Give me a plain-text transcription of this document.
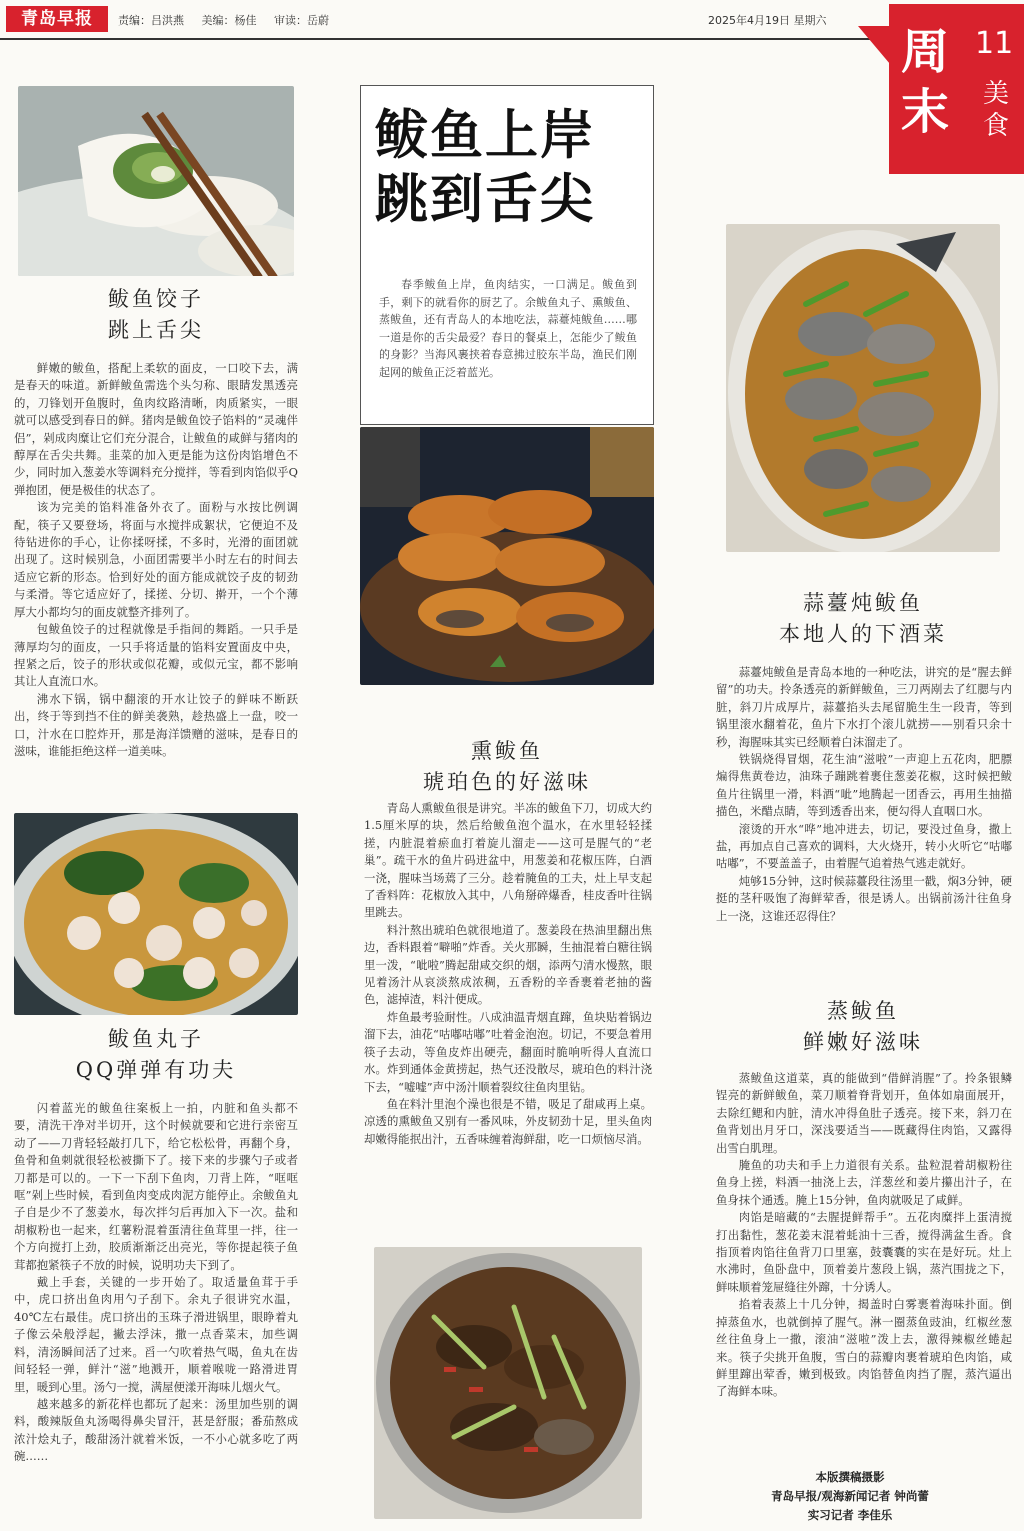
青岛早报	责编：吕洪燕 美编：杨佳 审读：岳蔚	2025年4月19日 星期六
周
末
11
美食
鲅鱼上岸
跳到舌尖

春季鲅鱼上岸，鱼肉结实，一口满足。鲅鱼到手，剩下的就看你的厨艺了。余鲅鱼丸子、熏鲅鱼、蒸鲅鱼，还有青岛人的本地吃法，蒜薹炖鲅鱼……哪一道是你的舌尖最爱？春日的餐桌上，怎能少了鲅鱼的身影？当海风裹挟着春意拂过胶东半岛，渔民们刚起网的鲅鱼正泛着蓝光。

鲅鱼饺子
跳上舌尖

鲜嫩的鲅鱼，搭配上柔软的面皮，一口咬下去，满是春天的味道。新鲜鲅鱼需选个头匀称、眼睛发黑透亮的，刀锋划开鱼腹时，鱼肉纹路清晰，肉质紧实，一眼就可以感受到春日的鲜。猪肉是鲅鱼饺子馅料的“灵魂伴侣”，剁成肉糜让它们充分混合，让鲅鱼的咸鲜与猪肉的醇厚在舌尖共舞。韭菜的加入更是能为这份肉馅增色不少，同时加入葱姜水等调料充分搅拌，等看到肉馅似乎Q弹抱团，便是极佳的状态了。

该为完美的馅料准备外衣了。面粉与水按比例调配，筷子又要登场，将面与水搅拌成絮状，它便迫不及待钻进你的手心，让你揉呀揉，不多时，光滑的面团就出现了。这时候别急，小面团需要半小时左右的时间去适应它新的形态。恰到好处的面方能成就饺子皮的韧劲与柔滑。等它适应好了，揉搓、分切、擀开，一个个薄厚大小都均匀的面皮就整齐排列了。

包鲅鱼饺子的过程就像是手指间的舞蹈。一只手是薄厚均匀的面皮，一只手将适量的馅料安置面皮中央，捏紧之后，饺子的形状或似花瓣，或似元宝，都不影响其让人直流口水。

沸水下锅，锅中翻滚的开水让饺子的鲜味不断跃出，终于等到挡不住的鲜美袭熟，趁热盛上一盘，咬一口，汁水在口腔炸开，那是海洋馈赠的滋味，是春日的滋味，谁能拒绝这样一道美味。

鲅鱼丸子
QQ弹弹有功夫

闪着蓝光的鲅鱼往案板上一拍，内脏和鱼头都不要，清洗干净对半切开，这个时候就要和它进行亲密互动了——刀背轻轻敲打几下，给它松松骨，再翻个身，鱼骨和鱼刺就很轻松被撕下了。接下来的步骤勺子或者刀都是可以的。一下一下刮下鱼肉，刀背上阵，“哐哐哐”剁上些时候，看到鱼肉变成肉泥方能停止。余鲅鱼丸子自是少不了葱姜水，每次拌匀后再加入下一次。盐和胡椒粉也一起来，红薯粉混着蛋清往鱼茸里一拌，往一个方向搅打上劲，胶质渐渐泛出亮光，等你提起筷子鱼茸都抱紧筷子不放的时候，说明功夫下到了。

戴上手套，关键的一步开始了。取适量鱼茸于手中，虎口挤出鱼肉用勺子刮下。余丸子很讲究水温，40℃左右最佳。虎口挤出的玉珠子滑进锅里，眼睁着丸子像云朵般浮起，撇去浮沫，撒一点香菜末，加些调料，清汤瞬间活了过来。舀一勺吹着热气喝，鱼丸在齿间轻轻一弹，鲜汁“滋”地溅开，顺着喉咙一路滑进胃里，暖到心里。汤勺一搅，满屋便漾开海味儿烟火气。

越来越多的新花样也都玩了起来：汤里加些别的调料，酸辣版鱼丸汤喝得鼻尖冒汗，甚是舒服；番茄熬成浓汁烩丸子，酸甜汤汁就着米饭，一不小心就多吃了两碗……

熏鲅鱼
琥珀色的好滋味

青岛人熏鲅鱼很是讲究。半冻的鲅鱼下刀，切成大约1.5厘米厚的块，然后给鲅鱼泡个温水，在水里轻轻揉搓，内脏混着瘀血打着旋儿溜走——这可是腥气的“老巢”。疏干水的鱼片码进盆中，用葱姜和花椒压阵，白酒一浇，腥味当场蔫了三分。趁着腌鱼的工夫，灶上早支起了香料阵：花椒放入其中，八角掰碎爆香，桂皮香叶往锅里跳去。

料汁熬出琥珀色就很地道了。葱姜段在热油里翻出焦边，香料跟着“噼啪”炸香。关火那瞬，生抽混着白糖往锅里一泼，“呲啦”腾起甜咸交织的烟，添两勺清水慢熬，眼见着汤汁从哀淡熬成浓稠，五香粉的辛香裹着老抽的酱色，滤掉渣，料汁便成。

炸鱼最考验耐性。八成油温青烟直蹿，鱼块贴着锅边溜下去，油花“咕嘟咕嘟”吐着金泡泡。切记，不要急着用筷子去动，等鱼皮炸出硬壳，翻面时脆响听得人直流口水。炸到通体金黄捞起，热气还没散尽，琥珀色的料汁浇下去，“嘘嘘”声中汤汁顺着裂纹往鱼肉里钻。

鱼在料汁里泡个澡也很是不错，吸足了甜咸再上桌。凉透的熏鲅鱼又别有一番风味，外皮韧劲十足，里头鱼肉却嫩得能抿出汁，五香味缠着海鲜甜，吃一口烦恼尽消。

蒜薹炖鲅鱼
本地人的下酒菜

蒜薹炖鲅鱼是青岛本地的一种吃法，讲究的是“腥去鲜留”的功夫。拎条透亮的新鲜鲅鱼，三刀两剐去了红腮与内脏，斜刀片成厚片，蒜薹掐头去尾留脆生生一段青，等到锅里滚水翻着花，鱼片下水打个滚儿就捞——别看只余十秒，海腥味其实已经顺着白沫溜走了。

铁锅烧得冒烟，花生油“滋啦”一声迎上五花肉，肥膘煸得焦黄卷边，油珠子蹦跳着裹住葱姜花椒，这时候把鲅鱼片往锅里一滑，料酒“呲”地腾起一团香云，再用生抽描描色，米醋点睛，等到透香出来，便勾得人直咽口水。

滚烫的开水“哗”地冲进去，切记，要没过鱼身，撒上盐，再加点自己喜欢的调料，大火烧开，转小火听它“咕嘟咕嘟”，不要盖盖子，由着腥气追着热气逃走就好。

炖够15分钟，这时候蒜薹段往汤里一戳，焖3分钟，硬挺的茎秆吸饱了海鲜荤香，很是诱人。出锅前汤汁往鱼身上一浇，这谁还忍得住？

蒸鲅鱼
鲜嫩好滋味

蒸鲅鱼这道菜，真的能做到“借鲜消腥”了。拎条银鳞锃亮的新鲜鲅鱼，菜刀顺着脊背划开，鱼体如扇面展开，去除红鳃和内脏，清水冲得鱼肚子透亮。接下来，斜刀在鱼背划出月牙口，深浅要适当——既藏得住肉馅，又露得出雪白肌理。

腌鱼的功夫和手上力道很有关系。盐粒混着胡椒粉往鱼身上搓，料酒一抽浇上去，洋葱丝和姜片攥出汁子，在鱼身抹个通透。腌上15分钟，鱼肉就吸足了咸鲜。

肉馅是暗藏的“去腥提鲜帮手”。五花肉糜拌上蛋清搅打出黏性，葱花姜末混着蚝油十三香，搅得满盆生香。食指顶着肉馅往鱼背刀口里塞，鼓囊囊的实在是好玩。灶上水沸时，鱼卧盘中，顶着姜片葱段上锅，蒸汽围拢之下，鲜味顺着笼屉缝往外蹿，十分诱人。

掐着表蒸上十几分钟，揭盖时白雾裹着海味扑面。倒掉蒸鱼水，也就倒掉了腥气。淋一圈蒸鱼豉油，红椒丝葱丝往鱼身上一撒，滚油“滋啦”泼上去，激得辣椒丝蜷起来。筷子尖挑开鱼腹，雪白的蒜瓣肉裹着琥珀色肉馅，咸鲜里蹿出荤香，嫩到极致。肉馅替鱼肉挡了腥，蒸汽逼出了海鲜本味。

本版撰稿摄影
青岛早报/观海新闻记者 钟尚蕾
实习记者 李佳乐
